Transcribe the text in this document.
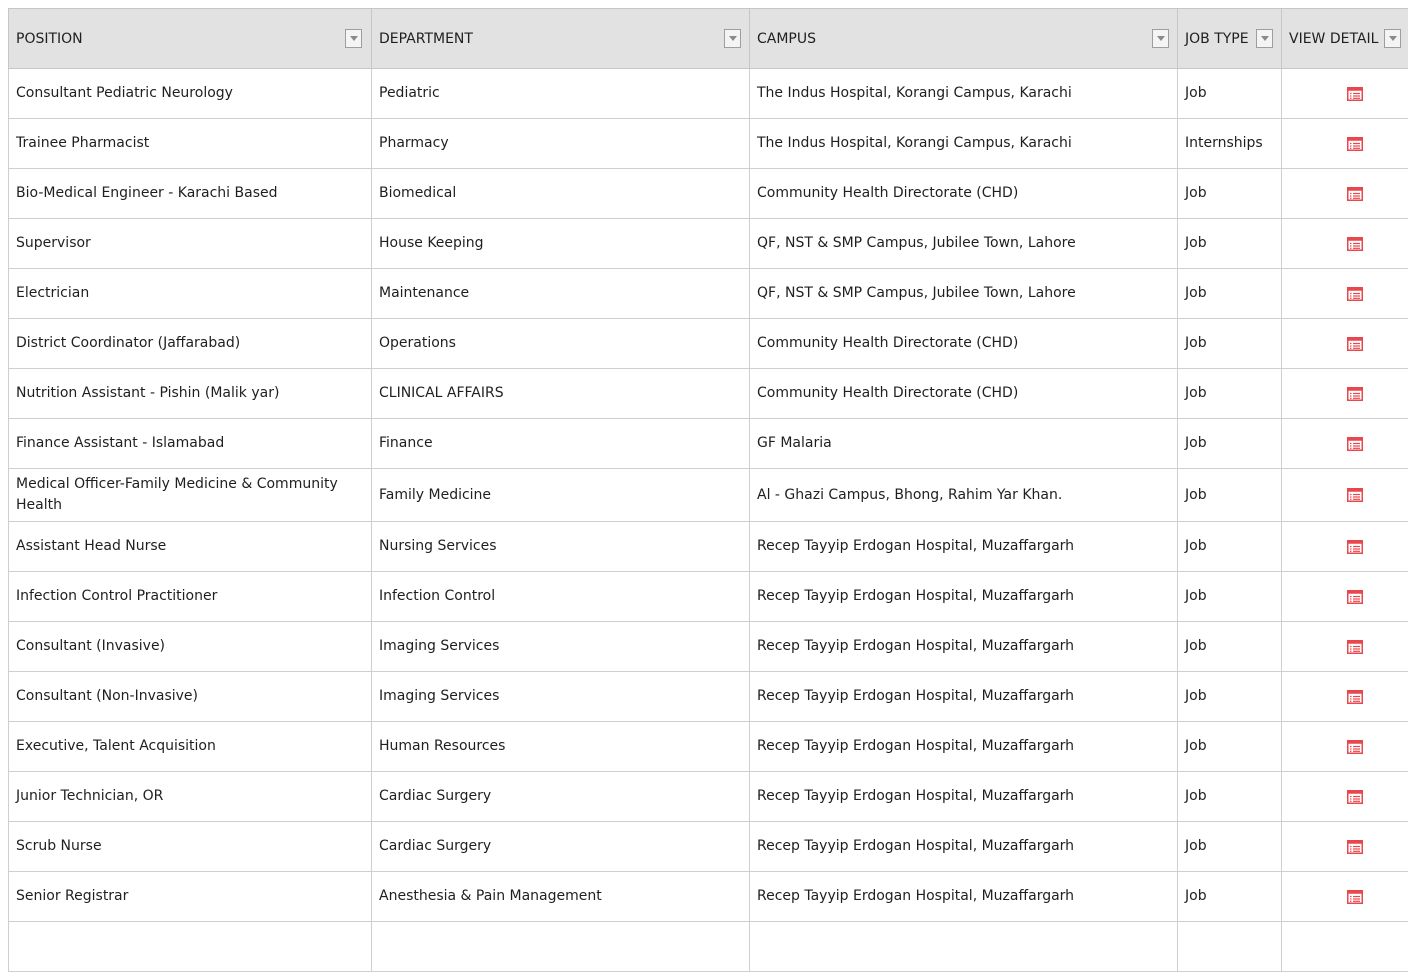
POSITION	DEPARTMENT	CAMPUS	JOB TYPE	VIEW DETAIL

Consultant Pediatric Neurology	Pediatric	The Indus Hospital, Korangi Campus, Karachi	Job

Trainee Pharmacist	Pharmacy	The Indus Hospital, Korangi Campus, Karachi	Internships

Bio-Medical Engineer - Karachi Based	Biomedical	Community Health Directorate (CHD)	Job

Supervisor	House Keeping	QF, NST & SMP Campus, Jubilee Town, Lahore	Job

Electrician	Maintenance	QF, NST & SMP Campus, Jubilee Town, Lahore	Job

District Coordinator (Jaffarabad)	Operations	Community Health Directorate (CHD)	Job

Nutrition Assistant - Pishin (Malik yar)	CLINICAL AFFAIRS	Community Health Directorate (CHD)	Job

Finance Assistant - Islamabad	Finance	GF Malaria	Job

Medical Officer-Family Medicine & Community Health	Family Medicine	Al - Ghazi Campus, Bhong, Rahim Yar Khan.	Job

Assistant Head Nurse	Nursing Services	Recep Tayyip Erdogan Hospital, Muzaffargarh	Job

Infection Control Practitioner	Infection Control	Recep Tayyip Erdogan Hospital, Muzaffargarh	Job

Consultant (Invasive)	Imaging Services	Recep Tayyip Erdogan Hospital, Muzaffargarh	Job

Consultant (Non-Invasive)	Imaging Services	Recep Tayyip Erdogan Hospital, Muzaffargarh	Job

Executive, Talent Acquisition	Human Resources	Recep Tayyip Erdogan Hospital, Muzaffargarh	Job

Junior Technician, OR	Cardiac Surgery	Recep Tayyip Erdogan Hospital, Muzaffargarh	Job

Scrub Nurse	Cardiac Surgery	Recep Tayyip Erdogan Hospital, Muzaffargarh	Job

Senior Registrar	Anesthesia & Pain Management	Recep Tayyip Erdogan Hospital, Muzaffargarh	Job
